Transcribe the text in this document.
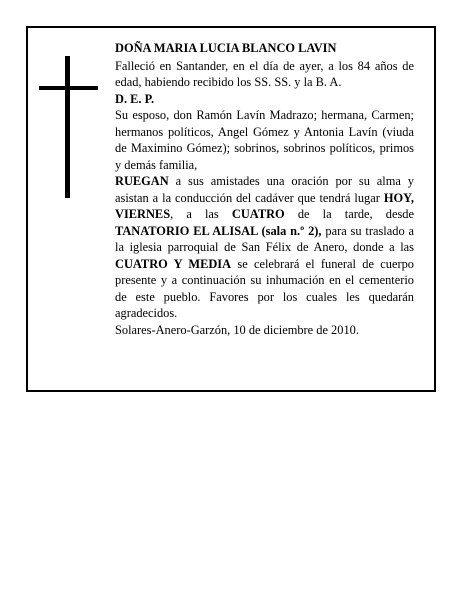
DOÑA MARIA LUCIA BLANCO LAVIN

Falleció en Santander, en el día de ayer, a los 84 años de edad, habiendo recibido los SS. SS. y la B. A.

D. E. P.

Su esposo, don Ramón Lavín Madrazo; hermana, Carmen; hermanos políticos, Angel Gómez y Antonia Lavín (viuda de Maximino Gómez); sobrinos, sobrinos políticos, primos y demás familia,

RUEGAN a sus amistades una oración por su alma y asistan a la conducción del cadáver que tendrá lugar HOY, VIERNES, a las CUATRO de la tarde, desde TANATORIO EL ALISAL (sala n.º 2), para su traslado a la iglesia parroquial de San Félix de Anero, donde a las CUATRO Y MEDIA se celebrará el funeral de cuerpo presente y a continuación su inhumación en el cementerio de este pueblo. Favores por los cuales les quedarán agradecidos.

Solares-Anero-Garzón, 10 de diciembre de 2010.
